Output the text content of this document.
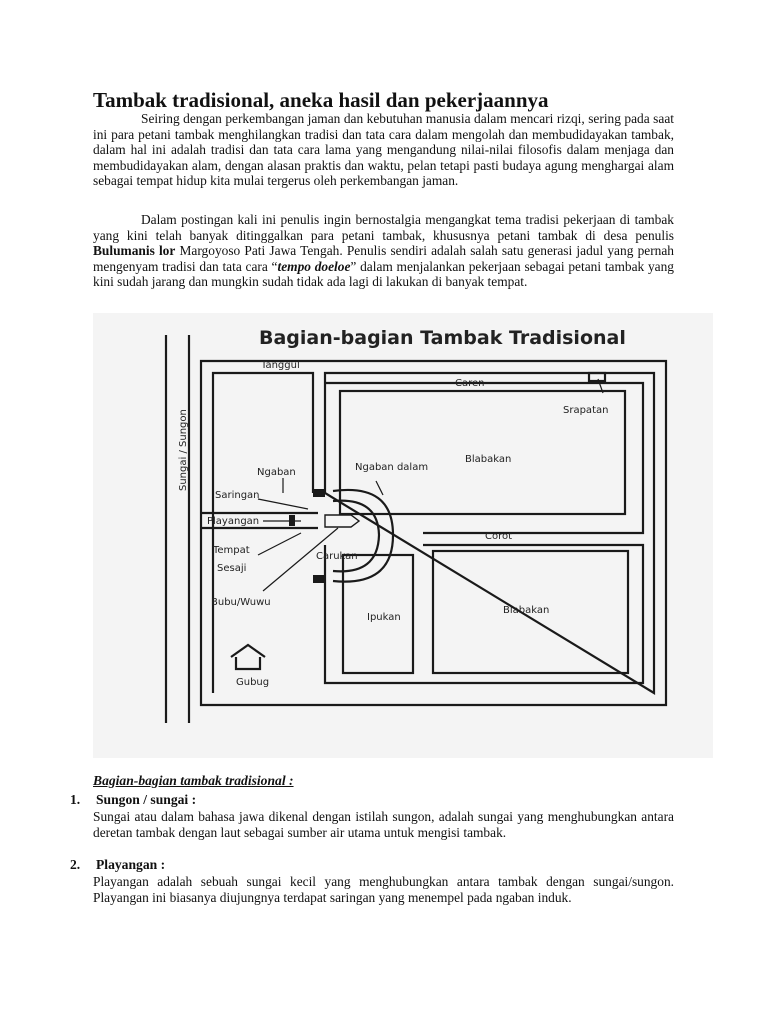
Tambak tradisional, aneka hasil dan pekerjaannya

Seiring dengan perkembangan jaman dan kebutuhan manusia dalam mencari rizqi, sering pada saat ini para petani tambak menghilangkan tradisi dan tata cara dalam mengolah dan membudidayakan tambak, dalam hal ini adalah tradisi dan tata cara lama yang mengandung nilai-nilai filosofis dalam menjaga dan membudidayakan alam, dengan alasan praktis dan waktu, pelan tetapi pasti budaya agung menghargai alam sebagai tempat hidup kita mulai tergerus oleh perkembangan jaman.

Dalam postingan kali ini penulis ingin bernostalgia mengangkat tema tradisi pekerjaan di tambak yang kini telah banyak ditinggalkan para petani tambak, khususnya petani tambak di desa penulis Bulumanis lor Margoyoso Pati Jawa Tengah. Penulis sendiri adalah salah satu generasi jadul yang pernah mengenyam tradisi dan tata cara “tempo doeloe” dalam menjalankan pekerjaan sebagai petani tambak yang kini sudah jarang dan mungkin sudah tidak ada lagi di lakukan di banyak tempat.

Bagian-bagian Tambak Tradisional
Sungai / Sungon
Tanggul
Caren
Srapatan
Blabakan
Ngaban	Ngaban dalam
Saringan
Playangan
Corot
Tempat
Sesaji
Carukan
Ipukan
Blabakan
Bubu/Wuwu
Gubug

Bagian-bagian tambak tradisional :

1. Sungon / sungai :

Sungai atau dalam bahasa jawa dikenal dengan istilah sungon, adalah sungai yang menghubungkan antara deretan tambak dengan laut sebagai sumber air utama untuk mengisi tambak.

2. Playangan :

Playangan adalah sebuah sungai kecil yang menghubungkan antara tambak dengan sungai/sungon. Playangan ini biasanya diujungnya terdapat saringan yang menempel pada ngaban induk.
